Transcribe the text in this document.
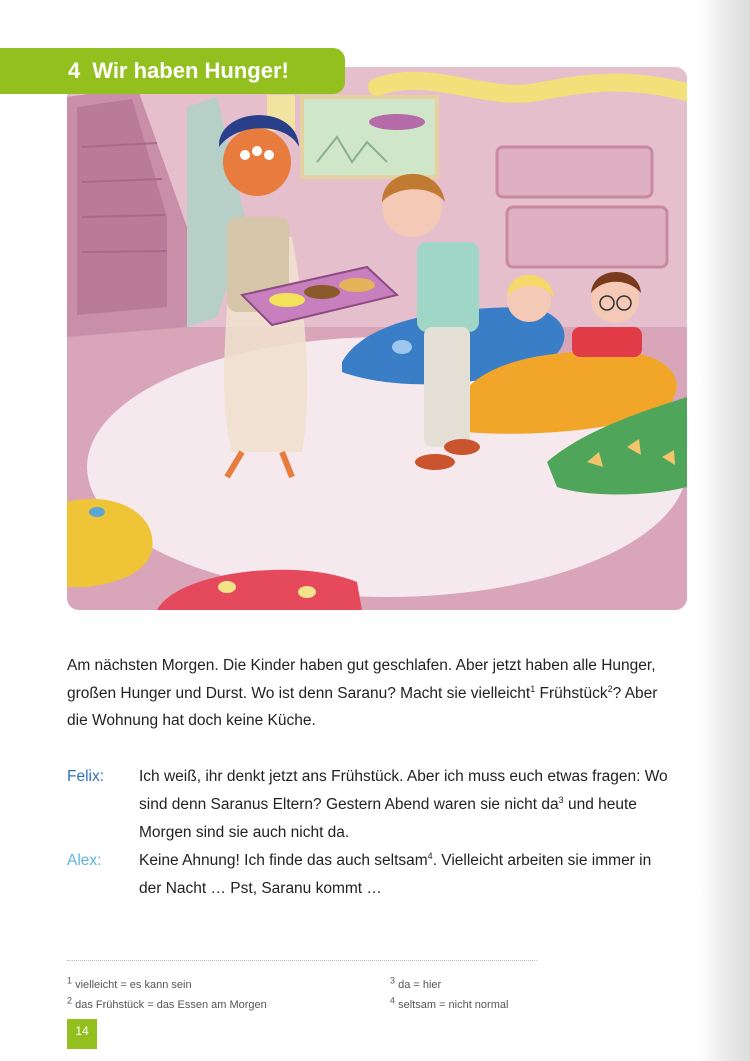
4 Wir haben Hunger!

Am nächsten Morgen. Die Kinder haben gut geschlafen. Aber jetzt haben alle Hunger, großen Hunger und Durst. Wo ist denn Saranu? Macht sie vielleicht$^1$ Frühstück$^2$? Aber die Wohnung hat doch keine Küche.

Felix:	Ich weiß, ihr denkt jetzt ans Frühstück. Aber ich muss euch etwas fragen: Wo sind denn Saranus Eltern? Gestern Abend waren sie nicht $da^3$ und heute Morgen sind sie auch nicht da.
Alex:	Keine Ahnung! Ich finde das auch seltsam$^4$. Vielleicht arbeiten sie immer in der Nacht … Pst, Saranu kommt …
$^1$ vielleicht = es kann sein
$^2$ das Frühstück = das Essen am Morgen
$^3$ da = hier
$^4$ seltsam = nicht normal
14
